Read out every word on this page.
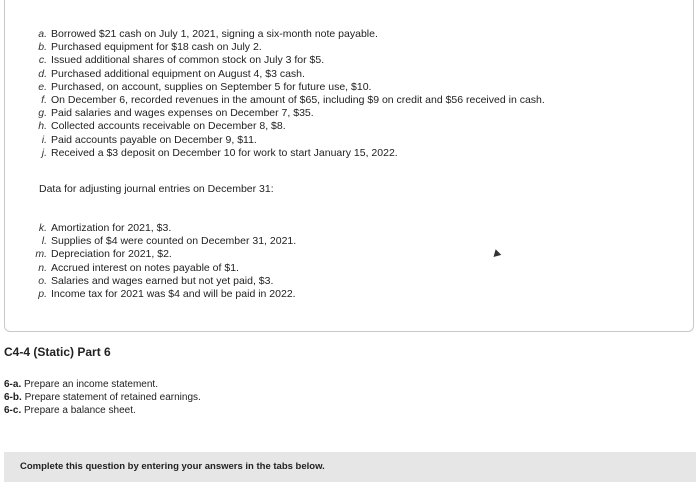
a. Borrowed $21 cash on July 1, 2021, signing a six-month note payable.
b. Purchased equipment for $18 cash on July 2.
c. Issued additional shares of common stock on July 3 for $5.
d. Purchased additional equipment on August 4, $3 cash.
e. Purchased, on account, supplies on September 5 for future use, $10.
f. On December 6, recorded revenues in the amount of $65, including $9 on credit and $56 received in cash.
g. Paid salaries and wages expenses on December 7, $35.
h. Collected accounts receivable on December 8, $8.
i. Paid accounts payable on December 9, $11.
j. Received a $3 deposit on December 10 for work to start January 15, 2022.
Data for adjusting journal entries on December 31:
k. Amortization for 2021, $3.
l. Supplies of $4 were counted on December 31, 2021.
m. Depreciation for 2021, $2.
n. Accrued interest on notes payable of $1.
o. Salaries and wages earned but not yet paid, $3.
p. Income tax for 2021 was $4 and will be paid in 2022.
C4-4 (Static) Part 6
6-a. Prepare an income statement.
6-b. Prepare statement of retained earnings.
6-c. Prepare a balance sheet.
Complete this question by entering your answers in the tabs below.
